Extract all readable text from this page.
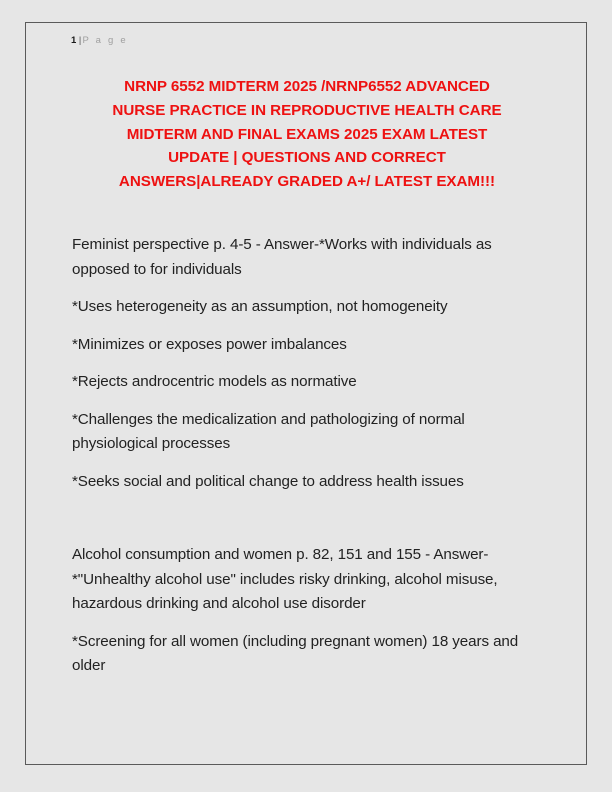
1 |P a g e
NRNP 6552 MIDTERM 2025 /NRNP6552 ADVANCED
NURSE PRACTICE IN REPRODUCTIVE HEALTH CARE
MIDTERM AND FINAL EXAMS 2025 EXAM LATEST
UPDATE | QUESTIONS AND CORRECT
ANSWERS|ALREADY GRADED A+/ LATEST EXAM!!!

Feminist perspective p. 4-5 - Answer-*Works with individuals as opposed to for individuals

*Uses heterogeneity as an assumption, not homogeneity

*Minimizes or exposes power imbalances

*Rejects androcentric models as normative

*Challenges the medicalization and pathologizing of normal physiological processes

*Seeks social and political change to address health issues

Alcohol consumption and women p. 82, 151 and 155 - Answer-*"Unhealthy alcohol use" includes risky drinking, alcohol misuse, hazardous drinking and alcohol use disorder

*Screening for all women (including pregnant women) 18 years and older
